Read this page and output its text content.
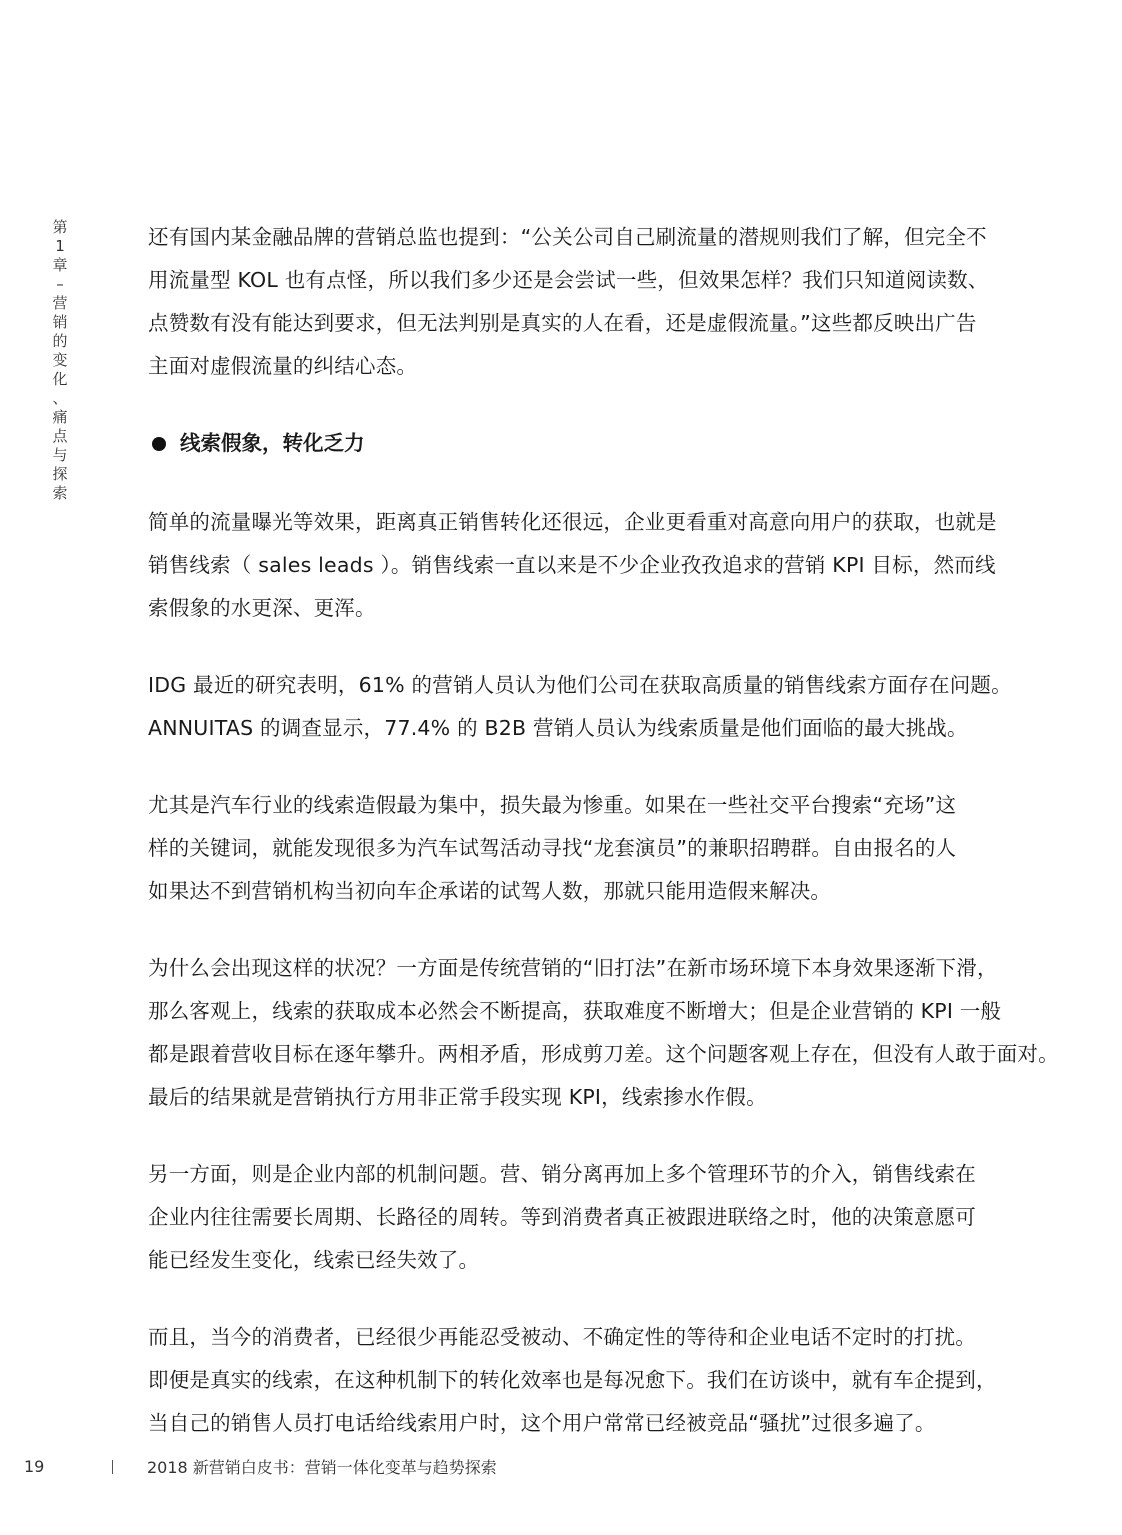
第
1
章
–
营
销
的
变
化
、
痛
点
与
探
索

还有国内某金融品牌的营销总监也提到：“公关公司自己刷流量的潜规则我们了解，但完全不
用流量型 KOL 也有点怪，所以我们多少还是会尝试一些，但效果怎样？我们只知道阅读数、
点赞数有没有能达到要求，但无法判别是真实的人在看，还是虚假流量。”这些都反映出广告
主面对虚假流量的纠结心态。

线索假象，转化乏力

简单的流量曝光等效果，距离真正销售转化还很远，企业更看重对高意向用户的获取，也就是
销售线索（ sales leads ）。销售线索一直以来是不少企业孜孜追求的营销 KPI 目标，然而线
索假象的水更深、更浑。

IDG 最近的研究表明，61% 的营销人员认为他们公司在获取高质量的销售线索方面存在问题。
ANNUITAS 的调查显示，77.4% 的 B2B 营销人员认为线索质量是他们面临的最大挑战。

尤其是汽车行业的线索造假最为集中，损失最为惨重。如果在一些社交平台搜索“充场”这
样的关键词，就能发现很多为汽车试驾活动寻找“龙套演员”的兼职招聘群。自由报名的人
如果达不到营销机构当初向车企承诺的试驾人数，那就只能用造假来解决。

为什么会出现这样的状况？一方面是传统营销的“旧打法”在新市场环境下本身效果逐渐下滑，
那么客观上，线索的获取成本必然会不断提高，获取难度不断增大；但是企业营销的 KPI 一般
都是跟着营收目标在逐年攀升。两相矛盾，形成剪刀差。这个问题客观上存在，但没有人敢于面对。
最后的结果就是营销执行方用非正常手段实现 KPI，线索掺水作假。

另一方面，则是企业内部的机制问题。营、销分离再加上多个管理环节的介入，销售线索在
企业内往往需要长周期、长路径的周转。等到消费者真正被跟进联络之时，他的决策意愿可
能已经发生变化，线索已经失效了。

而且，当今的消费者，已经很少再能忍受被动、不确定性的等待和企业电话不定时的打扰。
即便是真实的线索，在这种机制下的转化效率也是每况愈下。我们在访谈中，就有车企提到，
当自己的销售人员打电话给线索用户时，这个用户常常已经被竞品“骚扰”过很多遍了。

19	2018 新营销白皮书：营销一体化变革与趋势探索
